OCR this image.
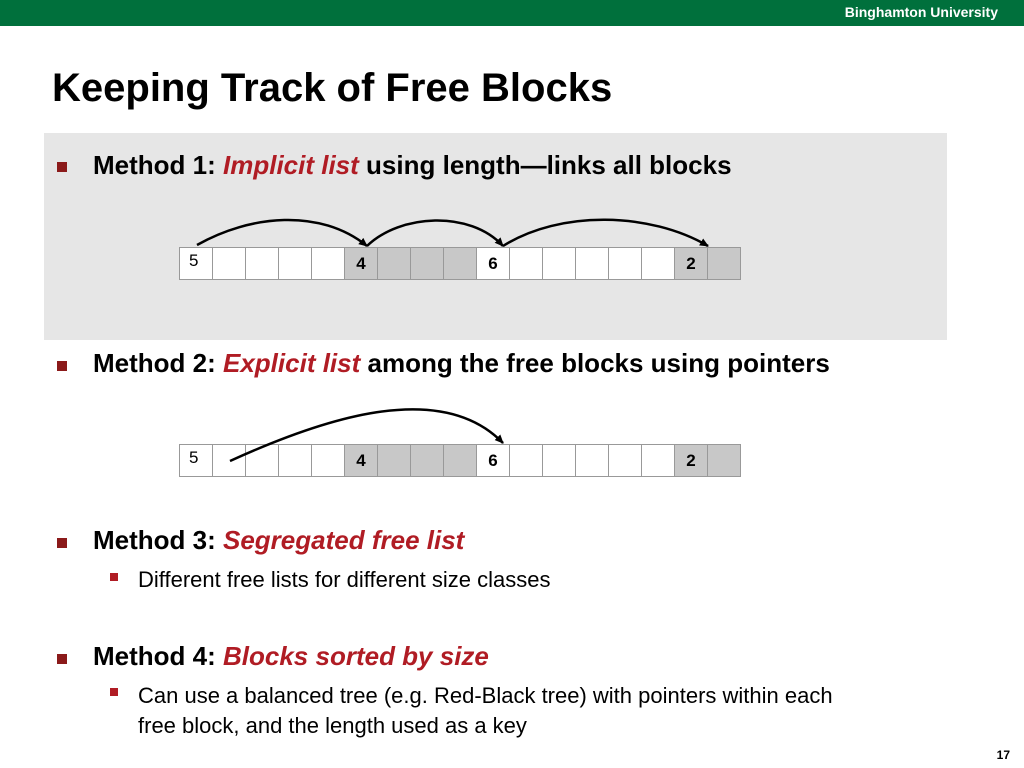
Binghamton University
Keeping Track of Free Blocks
Method 1: Implicit list using length—links all blocks
5	4	6	2
Method 2: Explicit list among the free blocks using pointers
5	4	6	2
Method 3: Segregated free list
Different free lists for different size classes
Method 4: Blocks sorted by size
Can use a balanced tree (e.g. Red-Black tree) with pointers within each
free block, and the length used as a key
17
